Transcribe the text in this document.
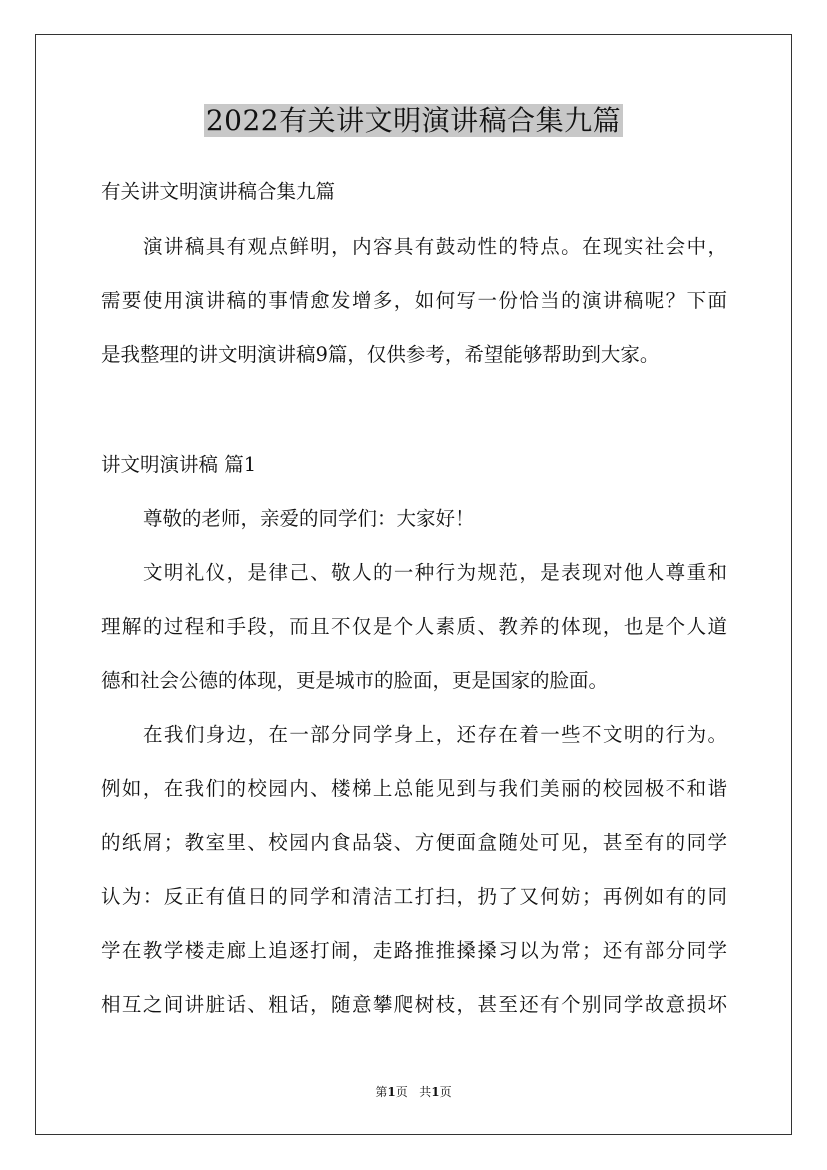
2022有关讲文明演讲稿合集九篇

有关讲文明演讲稿合集九篇

演讲稿具有观点鲜明，内容具有鼓动性的特点。在现实社会中，

需要使用演讲稿的事情愈发增多，如何写一份恰当的演讲稿呢？下面

是我整理的讲文明演讲稿9篇，仅供参考，希望能够帮助到大家。

讲文明演讲稿 篇1

尊敬的老师，亲爱的同学们：大家好！

文明礼仪，是律己、敬人的一种行为规范，是表现对他人尊重和

理解的过程和手段，而且不仅是个人素质、教养的体现，也是个人道

德和社会公德的体现，更是城市的脸面，更是国家的脸面。

在我们身边，在一部分同学身上，还存在着一些不文明的行为。

例如，在我们的校园内、楼梯上总能见到与我们美丽的校园极不和谐

的纸屑；教室里、校园内食品袋、方便面盒随处可见，甚至有的同学

认为：反正有值日的同学和清洁工打扫，扔了又何妨；再例如有的同

学在教学楼走廊上追逐打闹，走路推推搡搡习以为常；还有部分同学

相互之间讲脏话、粗话，随意攀爬树枝，甚至还有个别同学故意损坏

第1页 共1页
